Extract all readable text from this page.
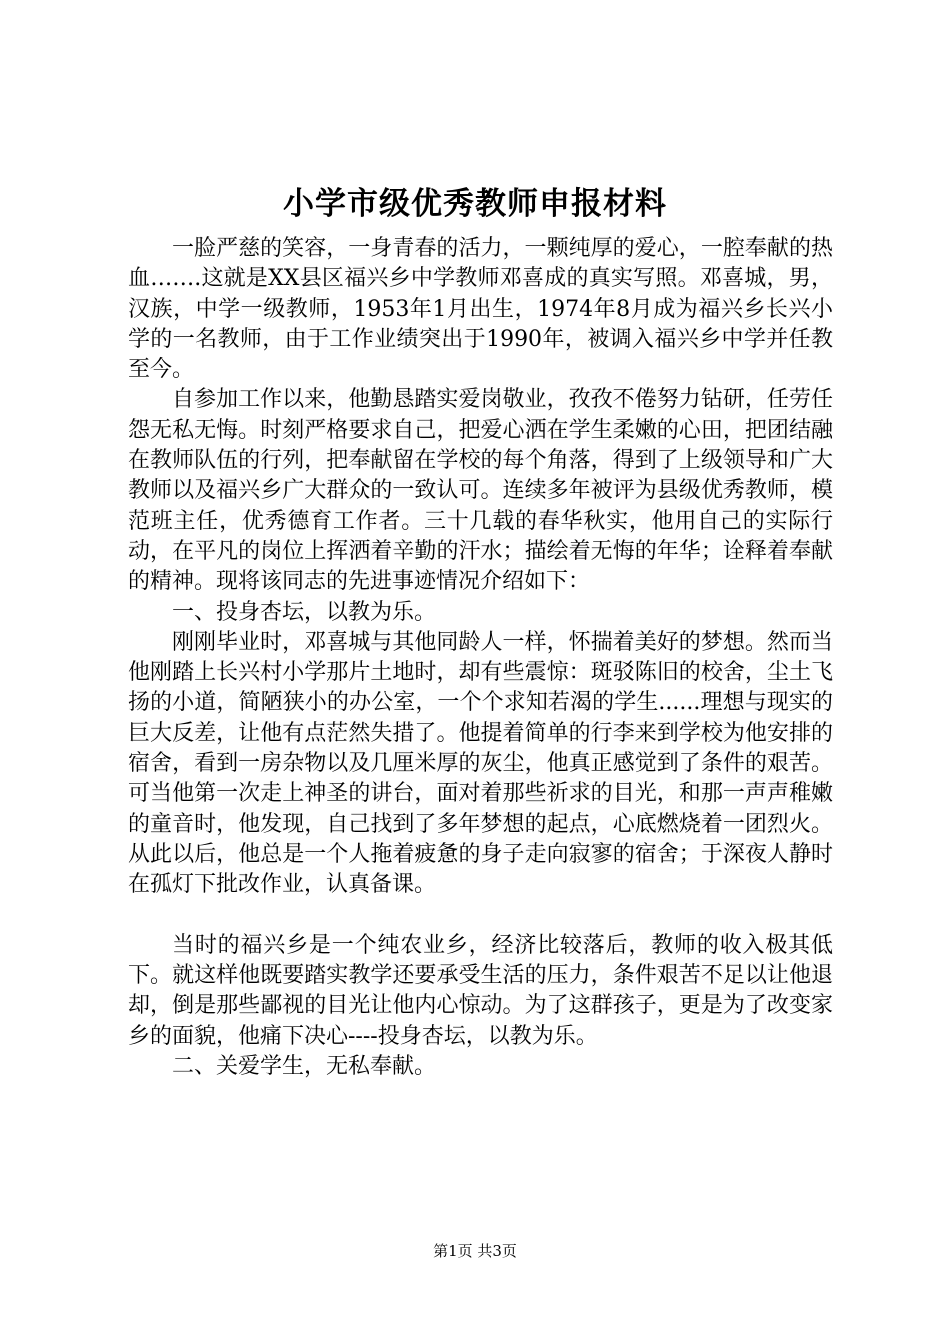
小学市级优秀教师申报材料

一脸严慈的笑容，一身青春的活力，一颗纯厚的爱心，一腔奉献的热血…….这就是XX县区福兴乡中学教师邓喜成的真实写照。邓喜城，男，汉族，中学一级教师，1953年1月出生，1974年8月成为福兴乡长兴小学的一名教师，由于工作业绩突出于1990年，被调入福兴乡中学并任教至今。

自参加工作以来，他勤恳踏实爱岗敬业，孜孜不倦努力钻研，任劳任怨无私无悔。时刻严格要求自己，把爱心洒在学生柔嫩的心田，把团结融在教师队伍的行列，把奉献留在学校的每个角落，得到了上级领导和广大教师以及福兴乡广大群众的一致认可。连续多年被评为县级优秀教师，模范班主任，优秀德育工作者。三十几载的春华秋实，他用自己的实际行动，在平凡的岗位上挥洒着辛勤的汗水；描绘着无悔的年华；诠释着奉献的精神。现将该同志的先进事迹情况介绍如下：

一、投身杏坛，以教为乐。

刚刚毕业时，邓喜城与其他同龄人一样，怀揣着美好的梦想。然而当他刚踏上长兴村小学那片土地时，却有些震惊：斑驳陈旧的校舍，尘土飞扬的小道，简陋狭小的办公室，一个个求知若渴的学生......理想与现实的巨大反差，让他有点茫然失措了。他提着简单的行李来到学校为他安排的宿舍，看到一房杂物以及几厘米厚的灰尘，他真正感觉到了条件的艰苦。可当他第一次走上神圣的讲台，面对着那些祈求的目光，和那一声声稚嫩的童音时，他发现，自己找到了多年梦想的起点，心底燃烧着一团烈火。从此以后，他总是一个人拖着疲惫的身子走向寂寥的宿舍；于深夜人静时在孤灯下批改作业，认真备课。

当时的福兴乡是一个纯农业乡，经济比较落后，教师的收入极其低下。就这样他既要踏实教学还要承受生活的压力，条件艰苦不足以让他退却，倒是那些鄙视的目光让他内心惊动。为了这群孩子，更是为了改变家乡的面貌，他痛下决心----投身杏坛，以教为乐。

二、关爱学生，无私奉献。

第1页 共3页
